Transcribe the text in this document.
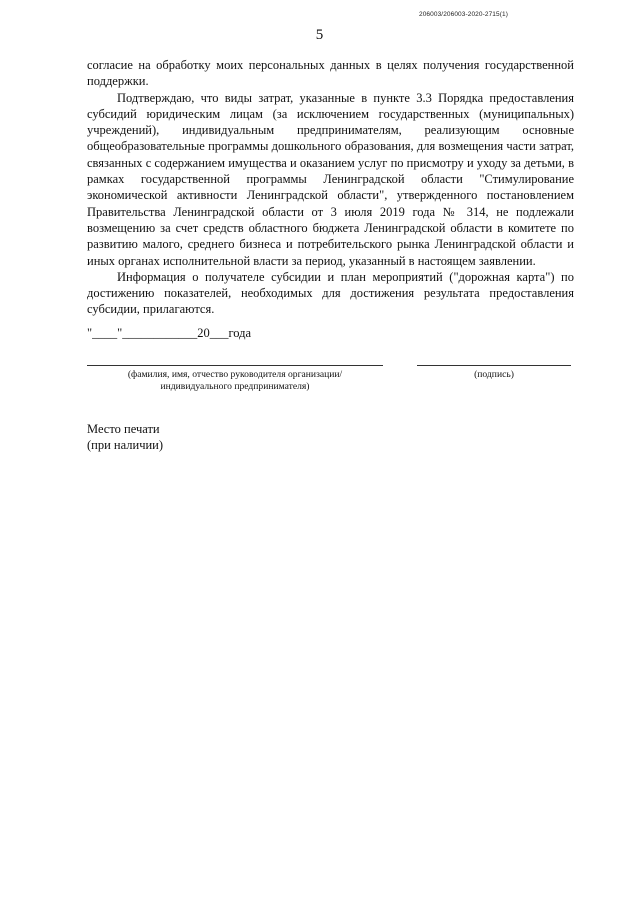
206003/206003-2020-2715(1)
5

согласие на обработку моих персональных данных в целях получения государственной поддержки.

Подтверждаю, что виды затрат, указанные в пункте 3.3 Порядка предоставления субсидий юридическим лицам (за исключением государственных (муниципальных) учреждений), индивидуальным предпринимателям, реализующим основные общеобразовательные программы дошкольного образования, для возмещения части затрат, связанных с содержанием имущества и оказанием услуг по присмотру и уходу за детьми, в рамках государственной программы Ленинградской области "Стимулирование экономической активности Ленинградской области", утвержденного постановлением Правительства Ленинградской области от 3 июля 2019 года № 314, не подлежали возмещению за счет средств областного бюджета Ленинградской области в комитете по развитию малого, среднего бизнеса и потребительского рынка Ленинградской области и иных органах исполнительной власти за период, указанный в настоящем заявлении.

Информация о получателе субсидии и план мероприятий ("дорожная карта") по достижению показателей, необходимых для достижения результата предоставления субсидии, прилагаются.

"____"____________20___года
(фамилия, имя, отчество руководителя организации/
индивидуального предпринимателя)
(подпись)
Место печати
(при наличии)
